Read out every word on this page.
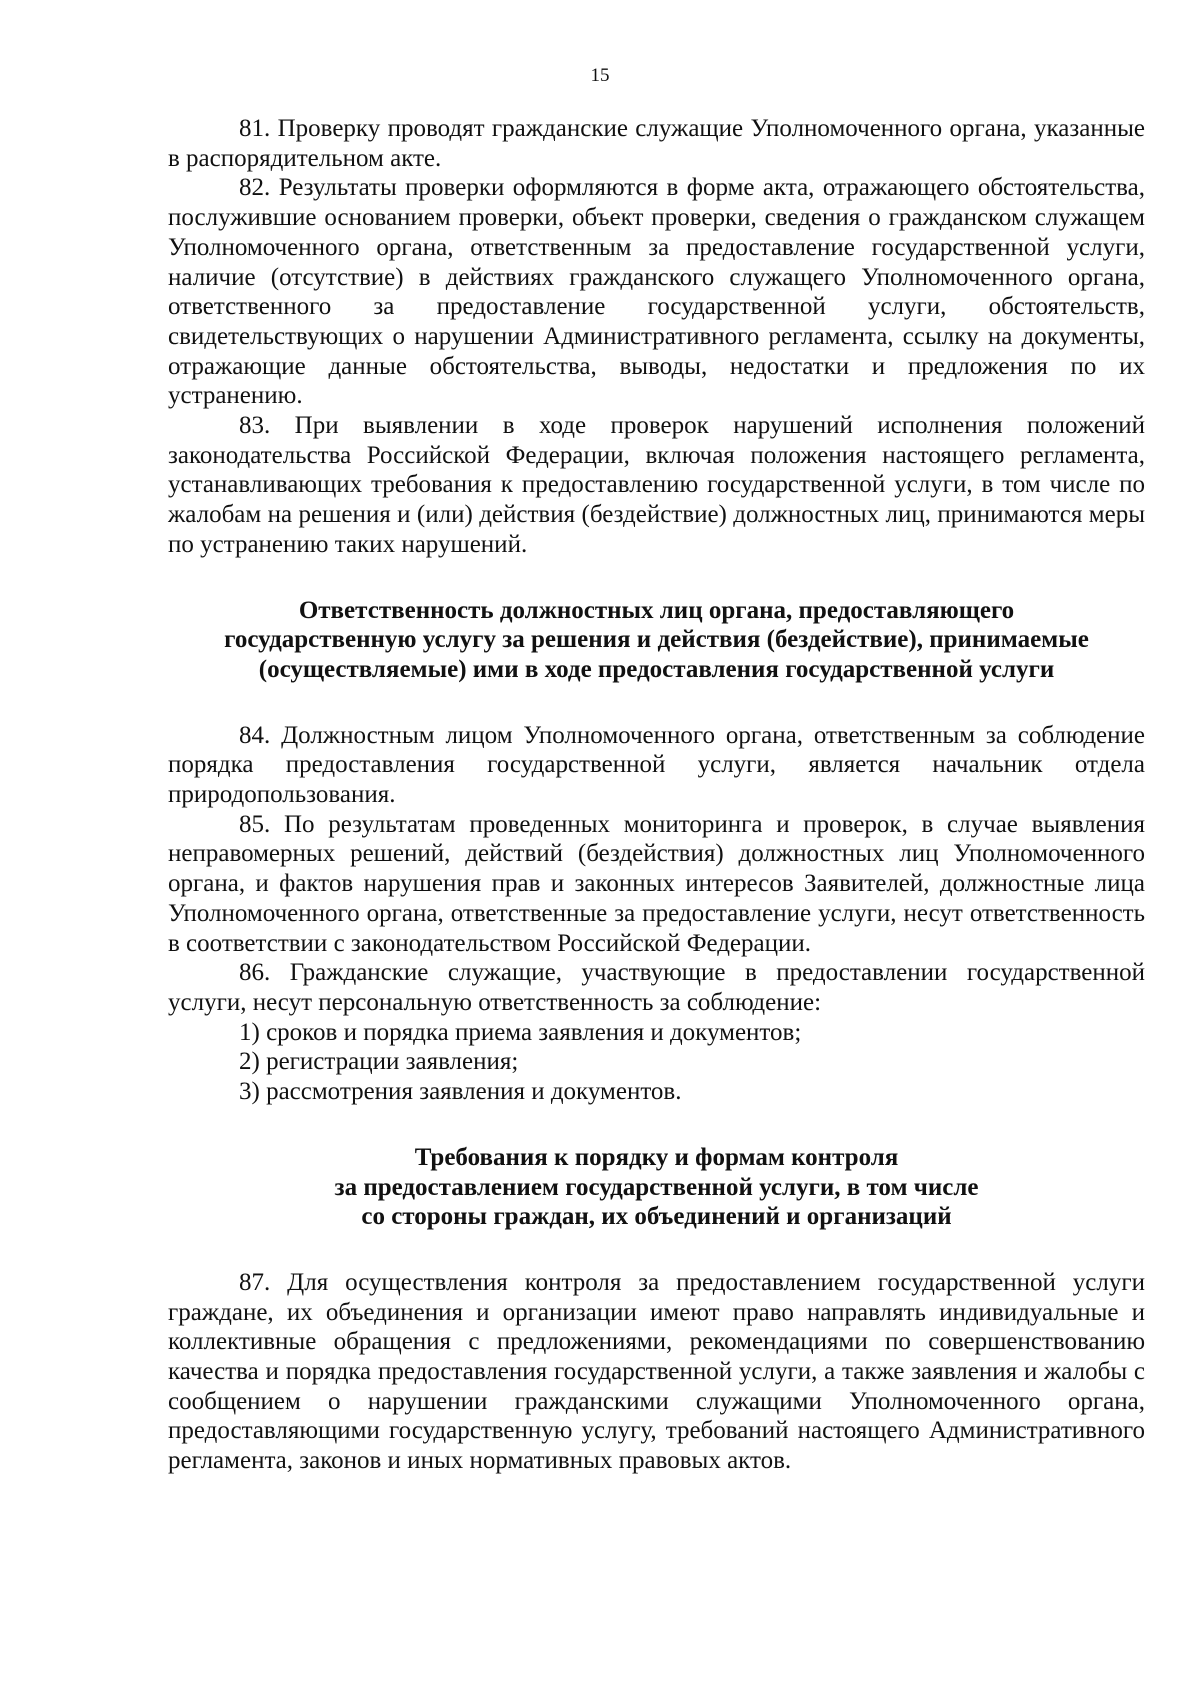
15

81. Проверку проводят гражданские служащие Уполномоченного органа, указанные в распорядительном акте.

82. Результаты проверки оформляются в форме акта, отражающего обстоятельства, послужившие основанием проверки, объект проверки, сведения о гражданском служащем Уполномоченного органа, ответственным за предоставление государственной услуги, наличие (отсутствие) в действиях гражданского служащего Уполномоченного органа, ответственного за предоставление государственной услуги, обстоятельств, свидетельствующих о нарушении Административного регламента, ссылку на документы, отражающие данные обстоятельства, выводы, недостатки и предложения по их устранению.

83. При выявлении в ходе проверок нарушений исполнения положений законодательства Российской Федерации, включая положения настоящего регламента, устанавливающих требования к предоставлению государственной услуги, в том числе по жалобам на решения и (или) действия (бездействие) должностных лиц, принимаются меры по устранению таких нарушений.

Ответственность должностных лиц органа, предоставляющего
государственную услугу за решения и действия (бездействие), принимаемые
(осуществляемые) ими в ходе предоставления государственной услуги

84. Должностным лицом Уполномоченного органа, ответственным за соблюдение порядка предоставления государственной услуги, является начальник отдела природопользования.

85. По результатам проведенных мониторинга и проверок, в случае выявления неправомерных решений, действий (бездействия) должностных лиц Уполномоченного органа, и фактов нарушения прав и законных интересов Заявителей, должностные лица Уполномоченного органа, ответственные за предоставление услуги, несут ответственность в соответствии с законодательством Российской Федерации.

86. Гражданские служащие, участвующие в предоставлении государственной услуги, несут персональную ответственность за соблюдение:

1) сроков и порядка приема заявления и документов;

2) регистрации заявления;

3) рассмотрения заявления и документов.

Требования к порядку и формам контроля
за предоставлением государственной услуги, в том числе
со стороны граждан, их объединений и организаций

87. Для осуществления контроля за предоставлением государственной услуги граждане, их объединения и организации имеют право направлять индивидуальные и коллективные обращения с предложениями, рекомендациями по совершенствованию качества и порядка предоставления государственной услуги, а также заявления и жалобы с сообщением о нарушении гражданскими служащими Уполномоченного органа, предоставляющими государственную услугу, требований настоящего Административного регламента, законов и иных нормативных правовых актов.
